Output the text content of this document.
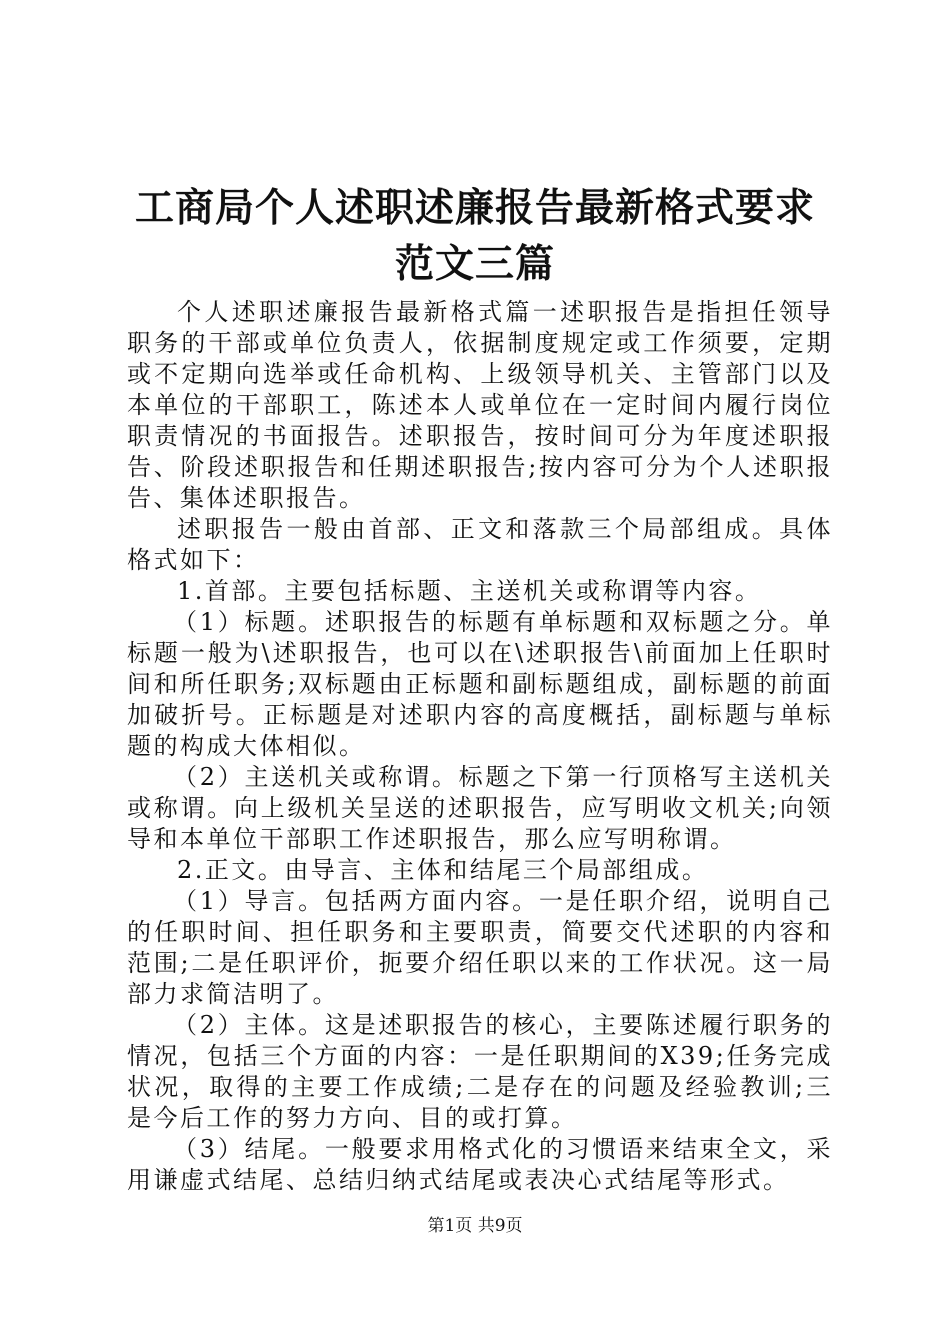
工商局个人述职述廉报告最新格式要求范文三篇

个人述职述廉报告最新格式篇一述职报告是指担任领导职务的干部或单位负责人，依据制度规定或工作须要，定期或不定期向选举或任命机构、上级领导机关、主管部门以及本单位的干部职工，陈述本人或单位在一定时间内履行岗位职责情况的书面报告。述职报告，按时间可分为年度述职报告、阶段述职报告和任期述职报告;按内容可分为个人述职报告、集体述职报告。

述职报告一般由首部、正文和落款三个局部组成。具体格式如下：

1.首部。主要包括标题、主送机关或称谓等内容。

（1）标题。述职报告的标题有单标题和双标题之分。单标题一般为\述职报告，也可以在\述职报告\前面加上任职时间和所任职务;双标题由正标题和副标题组成，副标题的前面加破折号。正标题是对述职内容的高度概括，副标题与单标题的构成大体相似。

（2）主送机关或称谓。标题之下第一行顶格写主送机关或称谓。向上级机关呈送的述职报告，应写明收文机关;向领导和本单位干部职工作述职报告，那么应写明称谓。

2.正文。由导言、主体和结尾三个局部组成。

（1）导言。包括两方面内容。一是任职介绍，说明自己的任职时间、担任职务和主要职责，简要交代述职的内容和范围;二是任职评价，扼要介绍任职以来的工作状况。这一局部力求简洁明了。

（2）主体。这是述职报告的核心，主要陈述履行职务的情况，包括三个方面的内容：一是任职期间的X39;任务完成状况，取得的主要工作成绩;二是存在的问题及经验教训;三是今后工作的努力方向、目的或打算。

（3）结尾。一般要求用格式化的习惯语来结束全文，采用谦虚式结尾、总结归纳式结尾或表决心式结尾等形式。

第1页 共9页
